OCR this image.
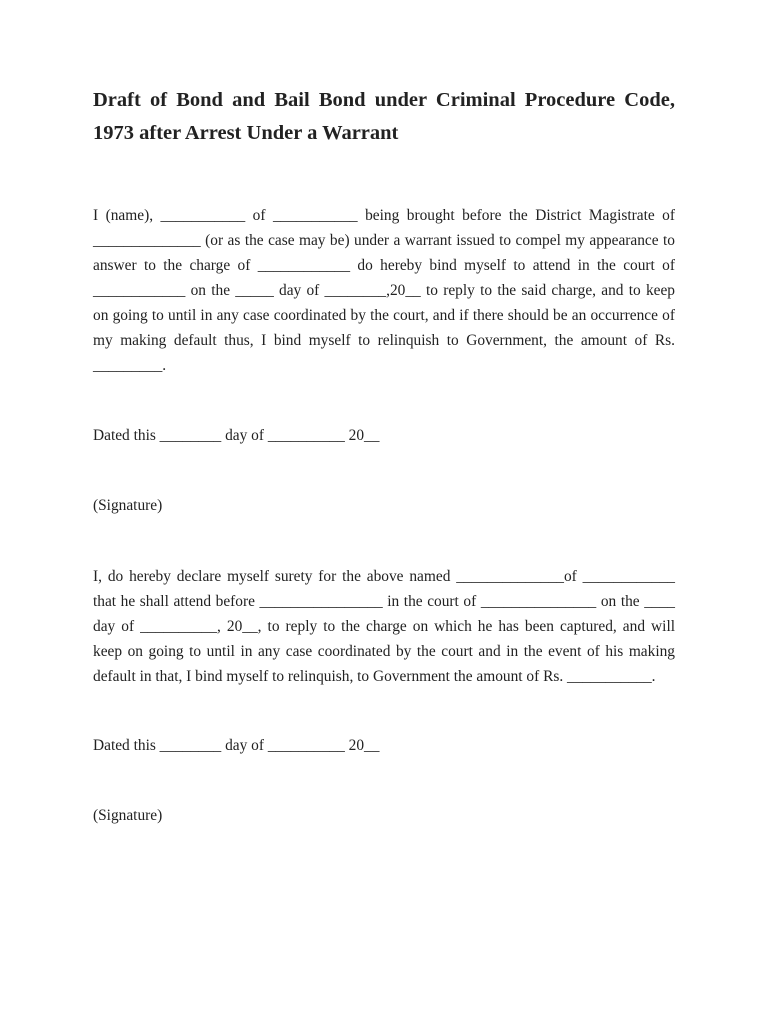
Draft of Bond and Bail Bond under Criminal Procedure Code,
1973 after Arrest Under a Warrant
I (name), ___________ of ___________ being brought before the District Magistrate of
______________ (or as the case may be) under a warrant issued to compel my appearance to
answer to the charge of ____________ do hereby bind myself to attend in the court of
____________ on the _____ day of ________,20__ to reply to the said charge, and to keep
on going to until in any case coordinated by the court, and if there should be an occurrence of
my making default thus, I bind myself to relinquish to Government, the amount of Rs.
_________.
Dated this ________ day of __________ 20__
(Signature)
I, do hereby declare myself surety for the above named ______________of ____________
that he shall attend before ________________ in the court of _______________ on the ____
day of __________, 20__, to reply to the charge on which he has been captured, and will
keep on going to until in any case coordinated by the court and in the event of his making
default in that, I bind myself to relinquish, to Government the amount of Rs. ___________.
Dated this ________ day of __________ 20__
(Signature)
